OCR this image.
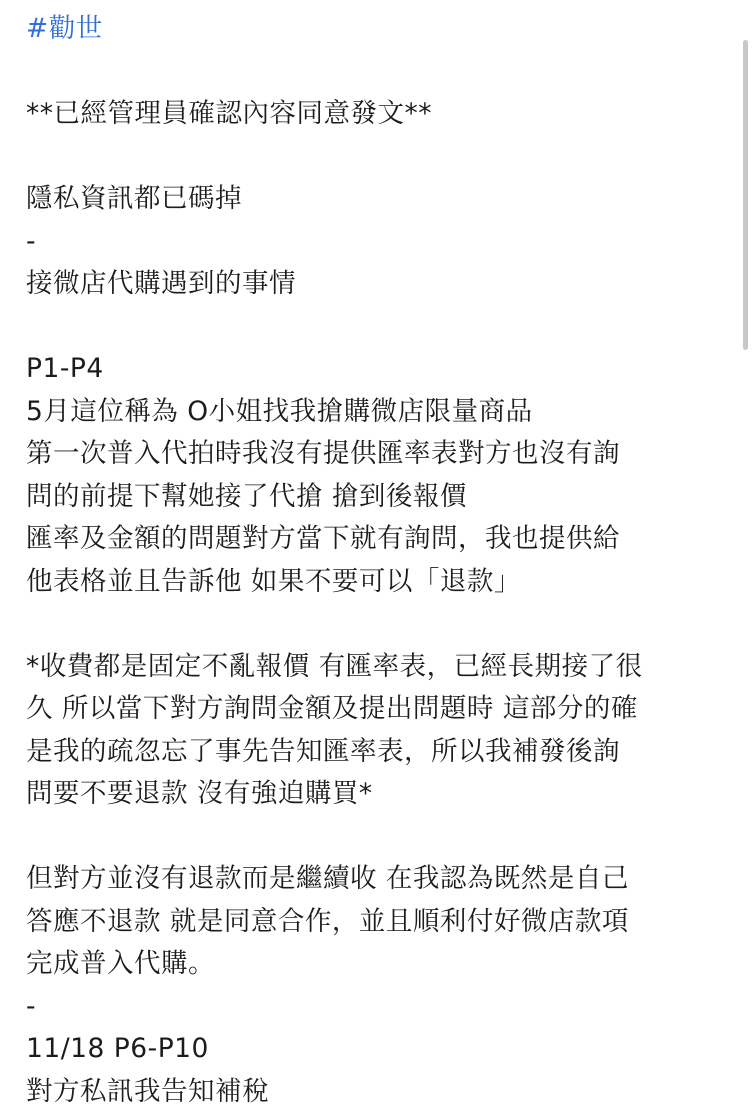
#勸世
**已經管理員確認內容同意發文**
隱私資訊都已碼掉
-
接微店代購遇到的事情
P1-P4
5月這位稱為 O小姐找我搶購微店限量商品
第一次普入代拍時我沒有提供匯率表對方也沒有詢
問的前提下幫她接了代搶 搶到後報價
匯率及金額的問題對方當下就有詢問，我也提供給
他表格並且告訴他 如果不要可以「退款」
*收費都是固定不亂報價 有匯率表，已經長期接了很
久 所以當下對方詢問金額及提出問題時 這部分的確
是我的疏忽忘了事先告知匯率表，所以我補發後詢
問要不要退款 沒有強迫購買*
但對方並沒有退款而是繼續收 在我認為既然是自己
答應不退款 就是同意合作，並且順利付好微店款項
完成普入代購。
-
11/18 P6-P10
對方私訊我告知補稅
